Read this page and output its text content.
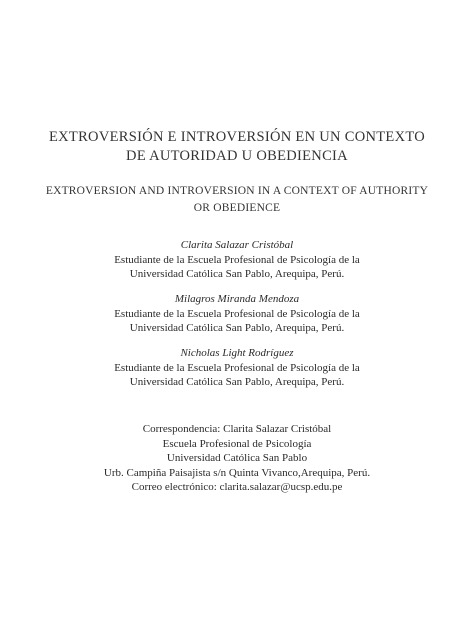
EXTROVERSIÓN E INTROVERSIÓN EN UN CONTEXTO
DE AUTORIDAD U OBEDIENCIA
EXTROVERSION AND INTROVERSION IN A CONTEXT OF AUTHORITY
OR OBEDIENCE
Clarita Salazar Cristóbal
Estudiante de la Escuela Profesional de Psicología de la
Universidad Católica San Pablo, Arequipa, Perú.
Milagros Miranda Mendoza
Estudiante de la Escuela Profesional de Psicología de la
Universidad Católica San Pablo, Arequipa, Perú.
Nicholas Light Rodríguez
Estudiante de la Escuela Profesional de Psicología de la
Universidad Católica San Pablo, Arequipa, Perú.
Correspondencia: Clarita Salazar Cristóbal
Escuela Profesional de Psicología
Universidad Católica San Pablo
Urb. Campiña Paisajista s/n Quinta Vivanco,Arequipa, Perú.
Correo electrónico: clarita.salazar@ucsp.edu.pe
